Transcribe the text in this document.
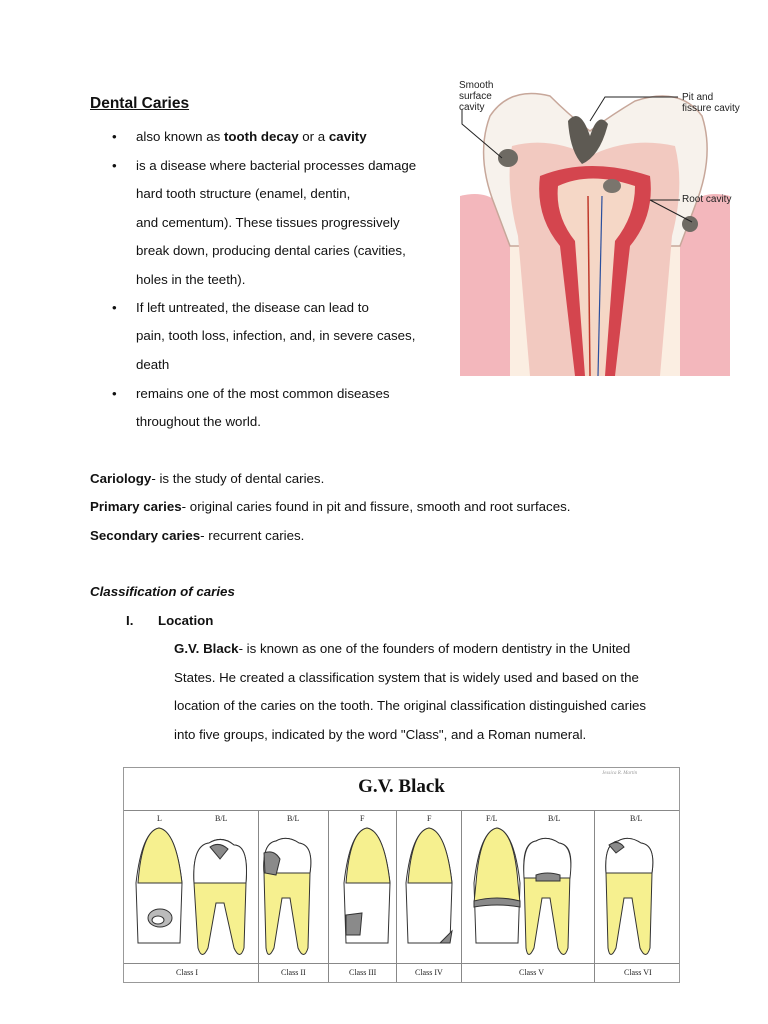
Dental Caries
• also known as tooth decay or a cavity
• is a disease where bacterial processes damage
hard tooth structure (enamel, dentin,
and cementum). These tissues progressively
break down, producing dental caries (cavities,
holes in the teeth).
• If left untreated, the disease can lead to
pain, tooth loss, infection, and, in severe cases,
death
• remains one of the most common diseases
throughout the world.
Cariology- is the study of dental caries.
Primary caries- original caries found in pit and fissure, smooth and root surfaces.
Secondary caries- recurrent caries.
Classification of caries
I. Location
G.V. Black- is known as one of the founders of modern dentistry in the United
States. He created a classification system that is widely used and based on the
location of the caries on the tooth. The original classification distinguished caries
into five groups, indicated by the word "Class", and a Roman numeral.
Smooth
surface
cavity
Pit and
fissure cavity
Root cavity
G.V. Black
Jessica R. Martin
L	B/L	B/L	F	F	F/L	B/L	B/L
Class I	Class II	Class III	Class IV	Class V	Class VI
